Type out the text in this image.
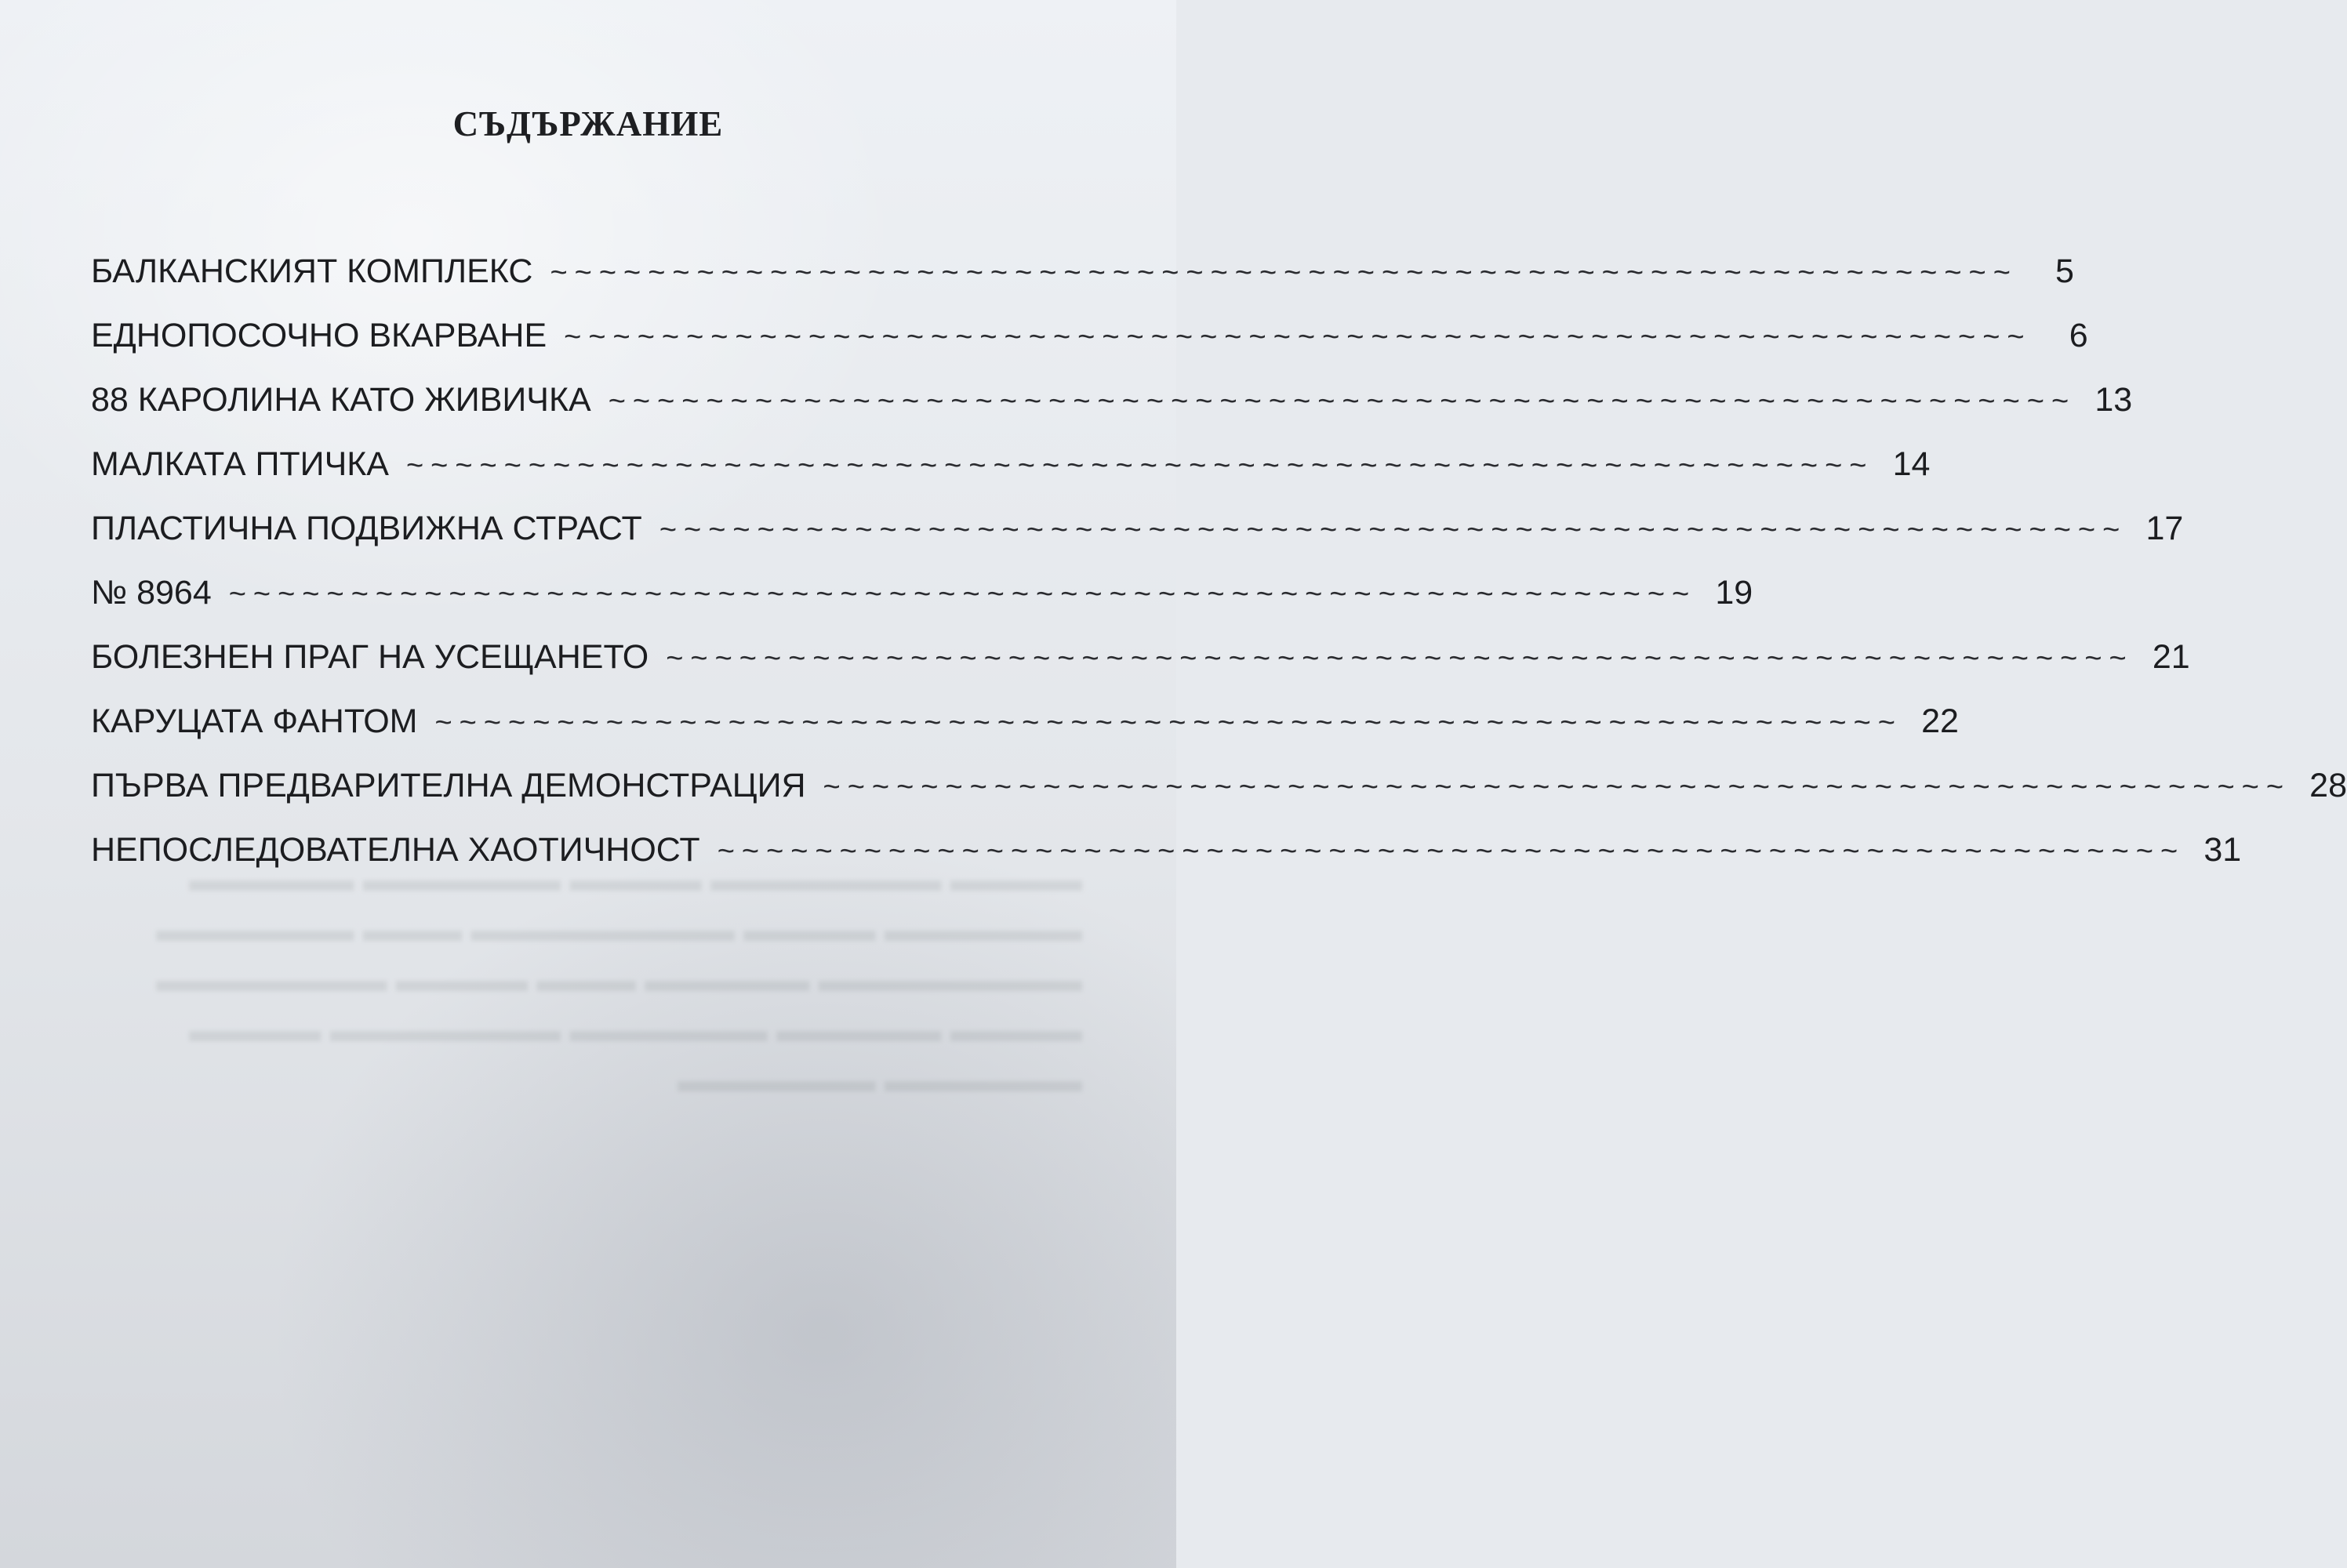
▬▬▬▬ ▬▬▬▬▬▬▬ ▬▬▬▬ ▬▬▬▬▬▬ ▬▬▬▬▬
▬▬▬▬▬▬ ▬▬▬▬ ▬▬▬▬▬▬▬▬ ▬▬▬ ▬▬▬▬▬▬
▬▬▬▬▬▬▬▬ ▬▬▬▬▬ ▬▬▬ ▬▬▬▬ ▬▬▬▬▬▬▬
▬▬▬▬ ▬▬▬▬▬ ▬▬▬▬▬▬ ▬▬▬▬▬▬▬ ▬▬▬▬
▬▬▬▬▬▬ ▬▬▬▬▬▬
СЪДЪРЖАНИЕ
БАЛКАНСКИЯТ КОМПЛЕКС ~~~~~~~~~~~~~~~~~~~~~~~~~~~~~~~~~~~~~~~~~~~~~~~~~~~~~~~~~~~~	5
ЕДНОПОСОЧНО ВКАРВАНЕ ~~~~~~~~~~~~~~~~~~~~~~~~~~~~~~~~~~~~~~~~~~~~~~~~~~~~~~~~~~~~	6
88 КАРОЛИНА КАТО ЖИВИЧКА ~~~~~~~~~~~~~~~~~~~~~~~~~~~~~~~~~~~~~~~~~~~~~~~~~~~~~~~~~~~~ 13
МАЛКАТА ПТИЧКА ~~~~~~~~~~~~~~~~~~~~~~~~~~~~~~~~~~~~~~~~~~~~~~~~~~~~~~~~~~~~ 14
ПЛАСТИЧНА ПОДВИЖНА СТРАСТ ~~~~~~~~~~~~~~~~~~~~~~~~~~~~~~~~~~~~~~~~~~~~~~~~~~~~~~~~~~~~ 17
№ 8964 ~~~~~~~~~~~~~~~~~~~~~~~~~~~~~~~~~~~~~~~~~~~~~~~~~~~~~~~~~~~~ 19
БОЛЕЗНЕН ПРАГ НА УСЕЩАНЕТО ~~~~~~~~~~~~~~~~~~~~~~~~~~~~~~~~~~~~~~~~~~~~~~~~~~~~~~~~~~~~ 21
КАРУЦАТА ФАНТОМ ~~~~~~~~~~~~~~~~~~~~~~~~~~~~~~~~~~~~~~~~~~~~~~~~~~~~~~~~~~~~ 22
ПЪРВА ПРЕДВАРИТЕЛНА ДЕМОНСТРАЦИЯ ~~~~~~~~~~~~~~~~~~~~~~~~~~~~~~~~~~~~~~~~~~~~~~~~~~~~~~~~~~~~ 28
НЕПОСЛЕДОВАТЕЛНА ХАОТИЧНОСТ ~~~~~~~~~~~~~~~~~~~~~~~~~~~~~~~~~~~~~~~~~~~~~~~~~~~~~~~~~~~~ 31
